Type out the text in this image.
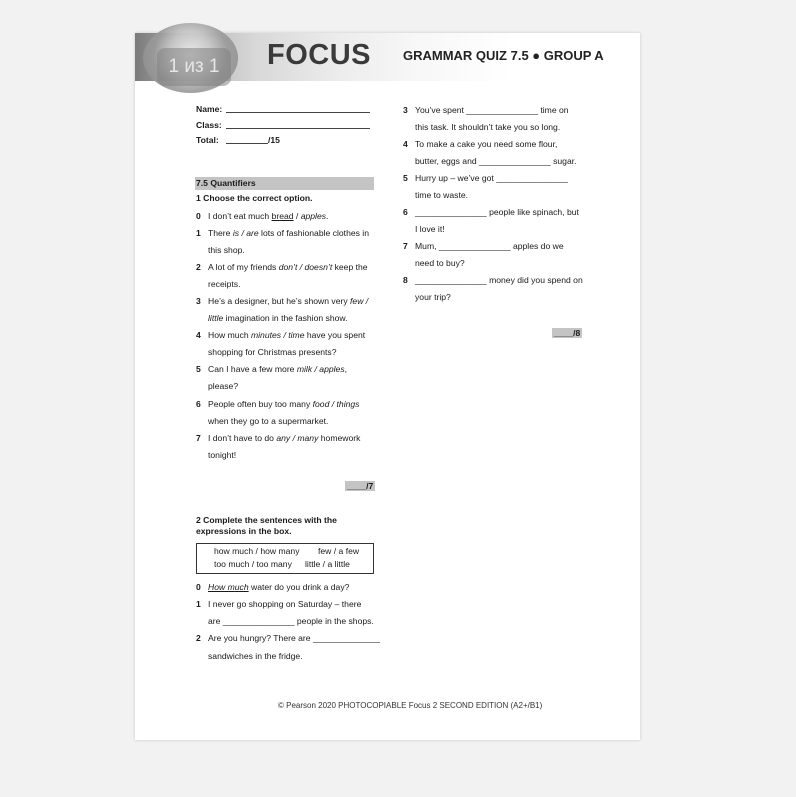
FOCUS GRAMMAR QUIZ 7.5 ● GROUP A
1 из 1
Name:
Class:
Total:	/15
7.5 Quantifiers
1 Choose the correct option.
0 I don’t eat much bread / apples.
1 There is / are lots of fashionable clothes in
this shop.
2 A lot of my friends don’t / doesn’t keep the
receipts.
3 He’s a designer, but he’s shown very few /
little imagination in the fashion show.
4 How much minutes / time have you spent
shopping for Christmas presents?
5 Can I have a few more milk / apples,
please?
6 People often buy too many food / things
when they go to a supermarket.
7 I don’t have to do any / many homework
tonight!
____/7
2 Complete the sentences with the
expressions in the box.
how much / how many few / a few
too much / too many little / a little
0 How much water do you drink a day?
1 I never go shopping on Saturday – there
are _______________ people in the shops.
2 Are you hungry? There are ______________
sandwiches in the fridge.
3 You’ve spent _______________ time on
this task. It shouldn’t take you so long.
4 To make a cake you need some flour,
butter, eggs and _______________ sugar.
5 Hurry up – we’ve got _______________
time to waste.
6 _______________ people like spinach, but
I love it!
7 Mum, _______________ apples do we
need to buy?
8 _______________ money did you spend on
your trip?
____/8
© Pearson 2020 PHOTOCOPIABLE Focus 2 SECOND EDITION (A2+/B1)
